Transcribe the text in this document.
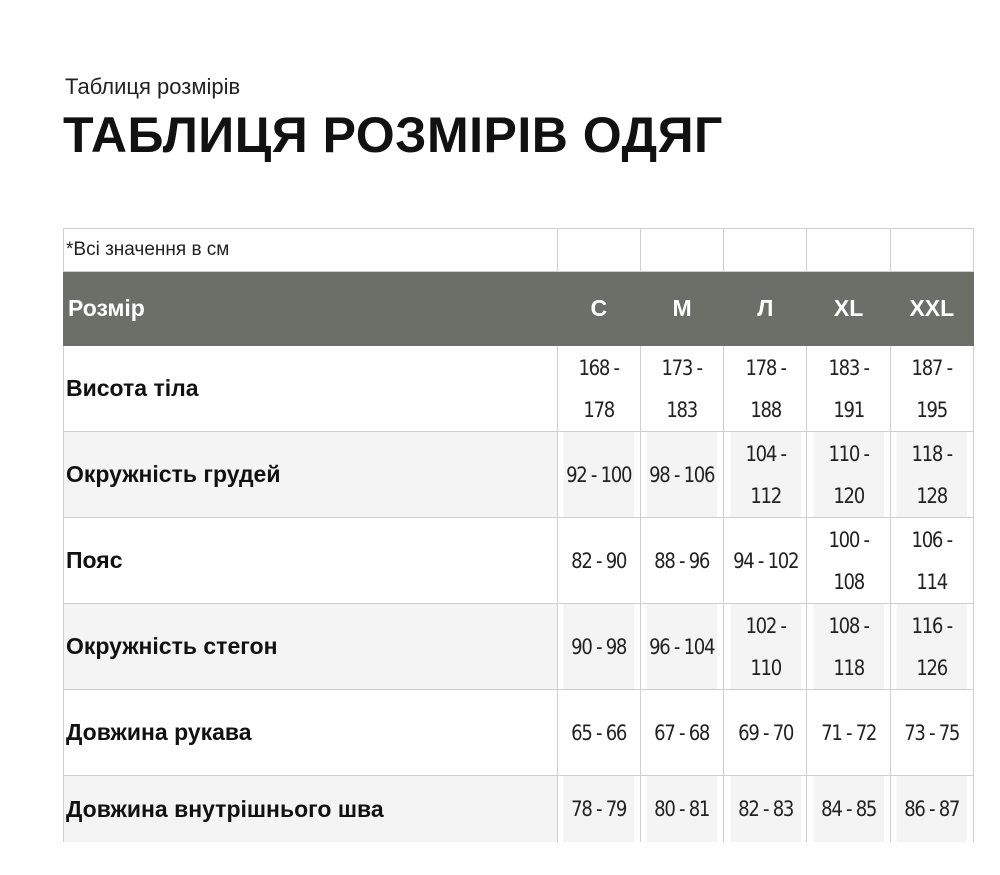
Таблиця розмірів
ТАБЛИЦЯ РОЗМІРІВ ОДЯГ
*Всі значення в см					
Розмір	С	М	Л	XL	XXL
Висота тіла	168 - 178	173 - 183	178 - 188	183 - 191	187 - 195
Окружність грудей	92 - 100	98 - 106	104 - 112	110 - 120	118 - 128
Пояс	82 - 90	88 - 96	94 - 102	100 - 108	106 - 114
Окружність стегон	90 - 98	96 - 104	102 - 110	108 - 118	116 - 126
Довжина рукава	65 - 66	67 - 68	69 - 70	71 - 72	73 - 75
Довжина внутрішнього шва	78 - 79	80 - 81	82 - 83	84 - 85	86 - 87
